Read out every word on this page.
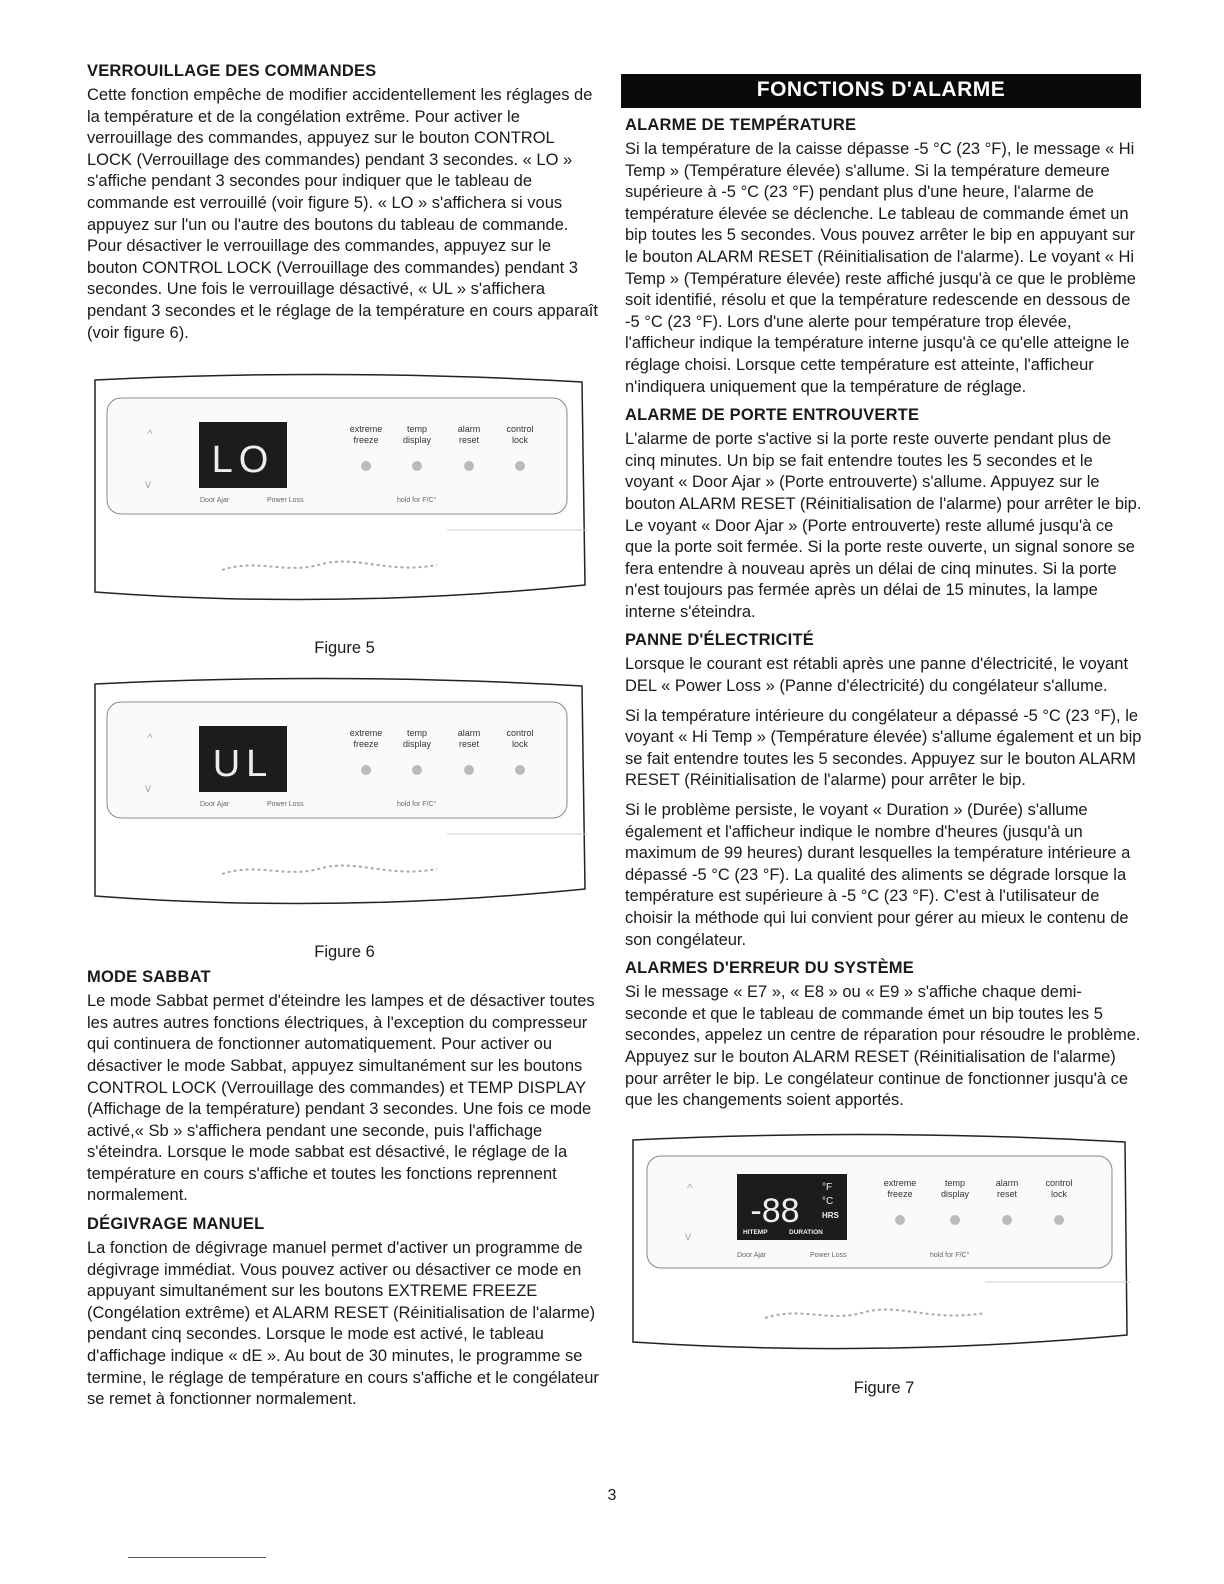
VERROUILLAGE DES COMMANDES

Cette fonction empêche de modifier accidentellement les réglages de la température et de la congélation extrême. Pour activer le verrouillage des commandes, appuyez sur le bouton CONTROL LOCK (Verrouillage des commandes) pendant 3 secondes. « LO » s'affiche pendant 3 secondes pour indiquer que le tableau de commande est verrouillé (voir figure 5). « LO » s'affichera si vous appuyez sur l'un ou l'autre des boutons du tableau de commande. Pour désactiver le verrouillage des commandes, appuyez sur le bouton CONTROL LOCK (Verrouillage des commandes) pendant 3 secondes. Une fois le verrouillage désactivé, « UL » s'affichera pendant 3 secondes et le réglage de la température en cours apparaît (voir figure 6).

^
v
LO
Door Ajar	Power Loss	hold for F/C°
extreme
freeze
temp
display
alarm
reset
control
lock
Figure 5
^
v
UL
Door Ajar	Power Loss	hold for F/C°
extreme
freeze
temp
display
alarm
reset
control
lock
Figure 6
MODE SABBAT

Le mode Sabbat permet d'éteindre les lampes et de désactiver toutes les autres autres fonctions électriques, à l'exception du compresseur qui continuera de fonctionner automatiquement. Pour activer ou désactiver le mode Sabbat, appuyez simultanément sur les boutons CONTROL LOCK (Verrouillage des commandes) et TEMP DISPLAY (Affichage de la température) pendant 3 secondes. Une fois ce mode activé,« Sb » s'affichera pendant une seconde, puis l'affichage s'éteindra. Lorsque le mode sabbat est désactivé, le réglage de la température en cours s'affiche et toutes les fonctions reprennent normalement.

DÉGIVRAGE MANUEL

La fonction de dégivrage manuel permet d'activer un programme de dégivrage immédiat. Vous pouvez activer ou désactiver ce mode en appuyant simultanément sur les boutons EXTREME FREEZE (Congélation extrême) et ALARM RESET (Réinitialisation de l'alarme) pendant cinq secondes. Lorsque le mode est activé, le tableau d'affichage indique « dE ». Au bout de 30 minutes, le programme se termine, le réglage de température en cours s'affiche et le congélateur se remet à fonctionner normalement.

FONCTIONS D'ALARME
ALARME DE TEMPÉRATURE

Si la température de la caisse dépasse -5 °C (23 °F), le message « Hi Temp » (Température élevée) s'allume. Si la température demeure supérieure à -5 °C (23 °F) pendant plus d'une heure, l'alarme de température élevée se déclenche. Le tableau de commande émet un bip toutes les 5 secondes. Vous pouvez arrêter le bip en appuyant sur le bouton ALARM RESET (Réinitialisation de l'alarme). Le voyant « Hi Temp » (Température élevée) reste affiché jusqu'à ce que le problème soit identifié, résolu et que la température redescende en dessous de -5 °C (23 °F). Lors d'une alerte pour température trop élevée, l'afficheur indique la température interne jusqu'à ce qu'elle atteigne le réglage choisi. Lorsque cette température est atteinte, l'afficheur n'indiquera uniquement que la température de réglage.

ALARME DE PORTE ENTROUVERTE

L'alarme de porte s'active si la porte reste ouverte pendant plus de cinq minutes. Un bip se fait entendre toutes les 5 secondes et le voyant « Door Ajar » (Porte entrouverte) s'allume. Appuyez sur le bouton ALARM RESET (Réinitialisation de l'alarme) pour arrêter le bip. Le voyant « Door Ajar » (Porte entrouverte) reste allumé jusqu'à ce que la porte soit fermée. Si la porte reste ouverte, un signal sonore se fera entendre à nouveau après un délai de cinq minutes. Si la porte n'est toujours pas fermée après un délai de 15 minutes, la lampe interne s'éteindra.

PANNE D'ÉLECTRICITÉ

Lorsque le courant est rétabli après une panne d'électricité, le voyant DEL « Power Loss » (Panne d'électricité) du congélateur s'allume.

Si la température intérieure du congélateur a dépassé -5 °C (23 °F), le voyant « Hi Temp » (Température élevée) s'allume également et un bip se fait entendre toutes les 5 secondes. Appuyez sur le bouton ALARM RESET (Réinitialisation de l'alarme) pour arrêter le bip.

Si le problème persiste, le voyant « Duration » (Durée) s'allume également et l'afficheur indique le nombre d'heures (jusqu'à un maximum de 99 heures) durant lesquelles la température intérieure a dépassé -5 °C (23 °F). La qualité des aliments se dégrade lorsque la température est supérieure à -5 °C (23 °F). C'est à l'utilisateur de choisir la méthode qui lui convient pour gérer au mieux le contenu de son congélateur.

ALARMES D'ERREUR DU SYSTÈME

Si le message « E7 », « E8 » ou « E9 » s'affiche chaque demi-seconde et que le tableau de commande émet un bip toutes les 5 secondes, appelez un centre de réparation pour résoudre le problème. Appuyez sur le bouton ALARM RESET (Réinitialisation de l'alarme) pour arrêter le bip. Le congélateur continue de fonctionner jusqu'à ce que les changements soient apportés.

^
v
-88
°F
°C
HRS
HITEMP	DURATION
Door Ajar	Power Loss	hold for F/C°
extreme
freeze
temp
display
alarm
reset
control
lock
Figure 7
3
